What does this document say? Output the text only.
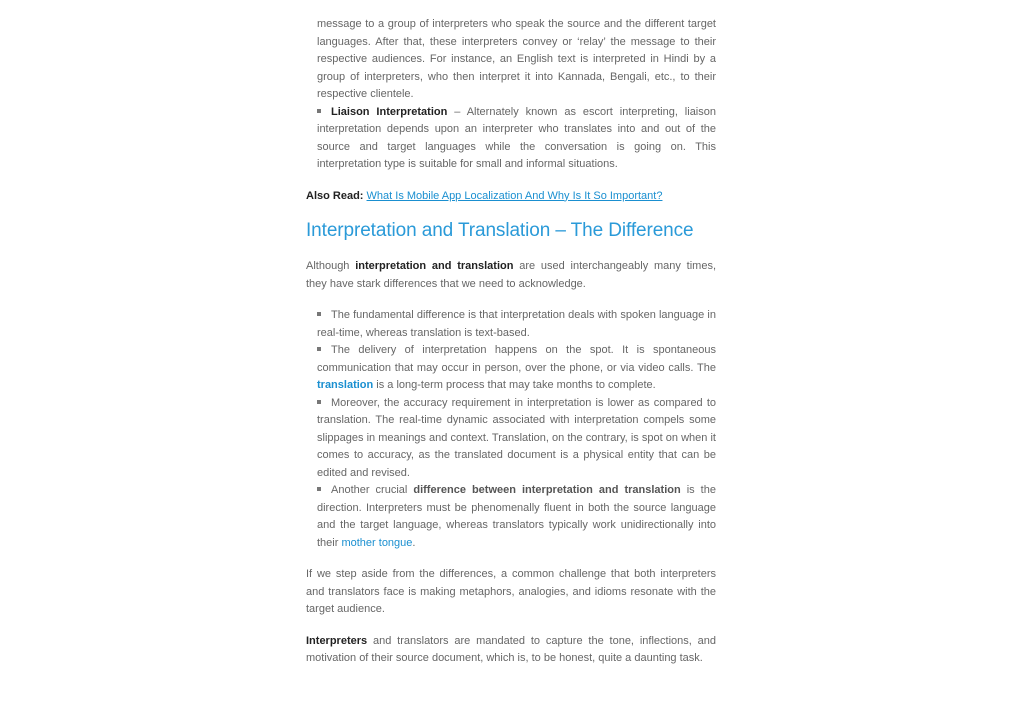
message to a group of interpreters who speak the source and the different target languages. After that, these interpreters convey or ‘relay’ the message to their respective audiences. For instance, an English text is interpreted in Hindi by a group of interpreters, who then interpret it into Kannada, Bengali, etc., to their respective clientele.
Liaison Interpretation – Alternately known as escort interpreting, liaison interpretation depends upon an interpreter who translates into and out of the source and target languages while the conversation is going on. This interpretation type is suitable for small and informal situations.

Also Read: What Is Mobile App Localization And Why Is It So Important?

Interpretation and Translation – The Difference

Although interpretation and translation are used interchangeably many times, they have stark differences that we need to acknowledge.

The fundamental difference is that interpretation deals with spoken language in real-time, whereas translation is text-based.
The delivery of interpretation happens on the spot. It is spontaneous communication that may occur in person, over the phone, or via video calls. The translation is a long-term process that may take months to complete.
Moreover, the accuracy requirement in interpretation is lower as compared to translation. The real-time dynamic associated with interpretation compels some slippages in meanings and context. Translation, on the contrary, is spot on when it comes to accuracy, as the translated document is a physical entity that can be edited and revised.
Another crucial difference between interpretation and translation is the direction. Interpreters must be phenomenally fluent in both the source language and the target language, whereas translators typically work unidirectionally into their mother tongue.

If we step aside from the differences, a common challenge that both interpreters and translators face is making metaphors, analogies, and idioms resonate with the target audience.

Interpreters and translators are mandated to capture the tone, inflections, and motivation of their source document, which is, to be honest, quite a daunting task.
